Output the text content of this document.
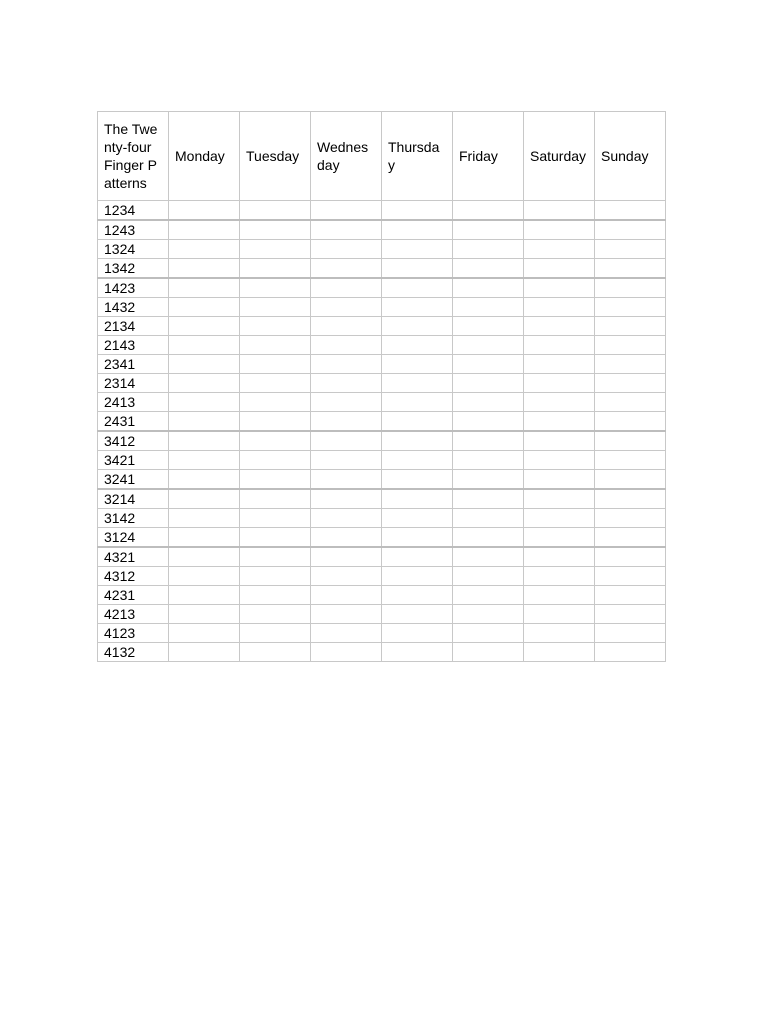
The Twenty-four Finger Patterns	Monday	Tuesday	Wednesday	Thursday	Friday	Saturday	Sunday
1234							
1243							
1324							
1342							
1423							
1432							
2134							
2143							
2341							
2314							
2413							
2431							
3412							
3421							
3241							
3214							
3142							
3124							
4321							
4312							
4231							
4213							
4123							
4132							
